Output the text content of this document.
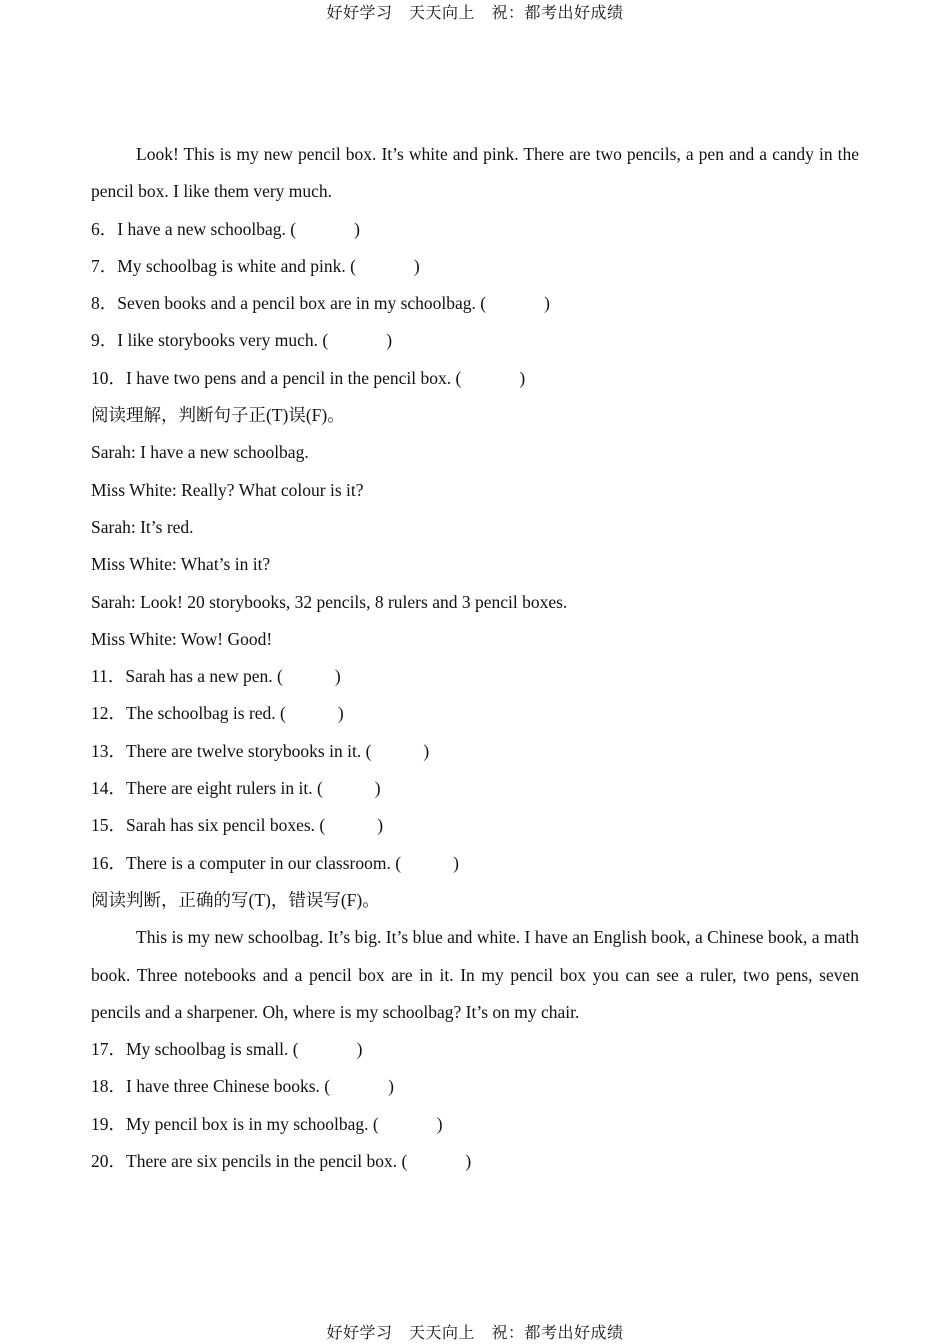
好好学习　天天向上　祝：都考出好成绩
Look! This is my new pencil box. It’s white and pink. There are two pencils, a pen and a candy in the pencil box. I like them very much.
6．I have a new schoolbag. (	)
7．My schoolbag is white and pink. (	)
8．Seven books and a pencil box are in my schoolbag. (	)
9．I like storybooks very much. (	)
10．I have two pens and a pencil in the pencil box. (	)
阅读理解，判断句子正(T)误(F)。
Sarah: I have a new schoolbag.
Miss White: Really? What colour is it?
Sarah: It’s red.
Miss White: What’s in it?
Sarah: Look! 20 storybooks, 32 pencils, 8 rulers and 3 pencil boxes.
Miss White: Wow! Good!
11．Sarah has a new pen. (	)
12．The schoolbag is red. (	)
13．There are twelve storybooks in it. (	)
14．There are eight rulers in it. (	)
15．Sarah has six pencil boxes. (	)
16．There is a computer in our classroom. (	)
阅读判断，正确的写(T)，错误写(F)。
This is my new schoolbag. It’s big. It’s blue and white. I have an English book, a Chinese book, a math book. Three notebooks and a pencil box are in it. In my pencil box you can see a ruler, two pens, seven pencils and a sharpener. Oh, where is my schoolbag? It’s on my chair.
17．My schoolbag is small. (	)
18．I have three Chinese books. (	)
19．My pencil box is in my schoolbag. (	)
20．There are six pencils in the pencil box. (	)
好好学习　天天向上　祝：都考出好成绩
